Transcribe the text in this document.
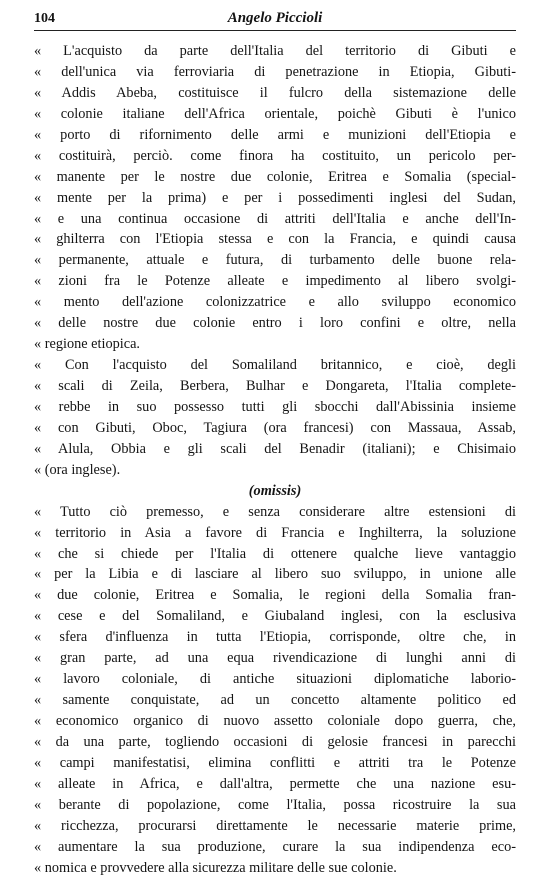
104	Angelo Piccioli
« L'acquisto da parte dell'Italia del territorio di Gibuti e
« dell'unica via ferroviaria di penetrazione in Etiopia, Gibuti-
« Addis Abeba, costituisce il fulcro della sistemazione delle
« colonie italiane dell'Africa orientale, poichè Gibuti è l'unico
« porto di rifornimento delle armi e munizioni dell'Etiopia e
« costituirà, perciò. come finora ha costituito, un pericolo per-
« manente per le nostre due colonie, Eritrea e Somalia (special-
« mente per la prima) e per i possedimenti inglesi del Sudan,
« e una continua occasione di attriti dell'Italia e anche dell'In-
« ghilterra con l'Etiopia stessa e con la Francia, e quindi causa
« permanente, attuale e futura, di turbamento delle buone rela-
« zioni fra le Potenze alleate e impedimento al libero svolgi-
« mento dell'azione colonizzatrice e allo sviluppo economico
« delle nostre due colonie entro i loro confini e oltre, nella
« regione etiopica.
« Con l'acquisto del Somaliland britannico, e cioè, degli
« scali di Zeila, Berbera, Bulhar e Dongareta, l'Italia complete-
« rebbe in suo possesso tutti gli sbocchi dall'Abissinia insieme
« con Gibuti, Oboc, Tagiura (ora francesi) con Massaua, Assab,
« Alula, Obbia e gli scali del Benadir (italiani); e Chisimaio
« (ora inglese).
(omissis)
« Tutto ciò premesso, e senza considerare altre estensioni di
« territorio in Asia a favore di Francia e Inghilterra, la soluzione
« che si chiede per l'Italia di ottenere qualche lieve vantaggio
« per la Libia e di lasciare al libero suo sviluppo, in unione alle
« due colonie, Eritrea e Somalia, le regioni della Somalia fran-
« cese e del Somaliland, e Giubaland inglesi, con la esclusiva
« sfera d'influenza in tutta l'Etiopia, corrisponde, oltre che, in
« gran parte, ad una equa rivendicazione di lunghi anni di
« lavoro coloniale, di antiche situazioni diplomatiche laborio-
« samente conquistate, ad un concetto altamente politico ed
« economico organico di nuovo assetto coloniale dopo guerra, che,
« da una parte, togliendo occasioni di gelosie francesi in parecchi
« campi manifestatisi, elimina conflitti e attriti tra le Potenze
« alleate in Africa, e dall'altra, permette che una nazione esu-
« berante di popolazione, come l'Italia, possa ricostruire la sua
« ricchezza, procurarsi direttamente le necessarie materie prime,
« aumentare la sua produzione, curare la sua indipendenza eco-
« nomica e provvedere alla sicurezza militare delle sue colonie.
